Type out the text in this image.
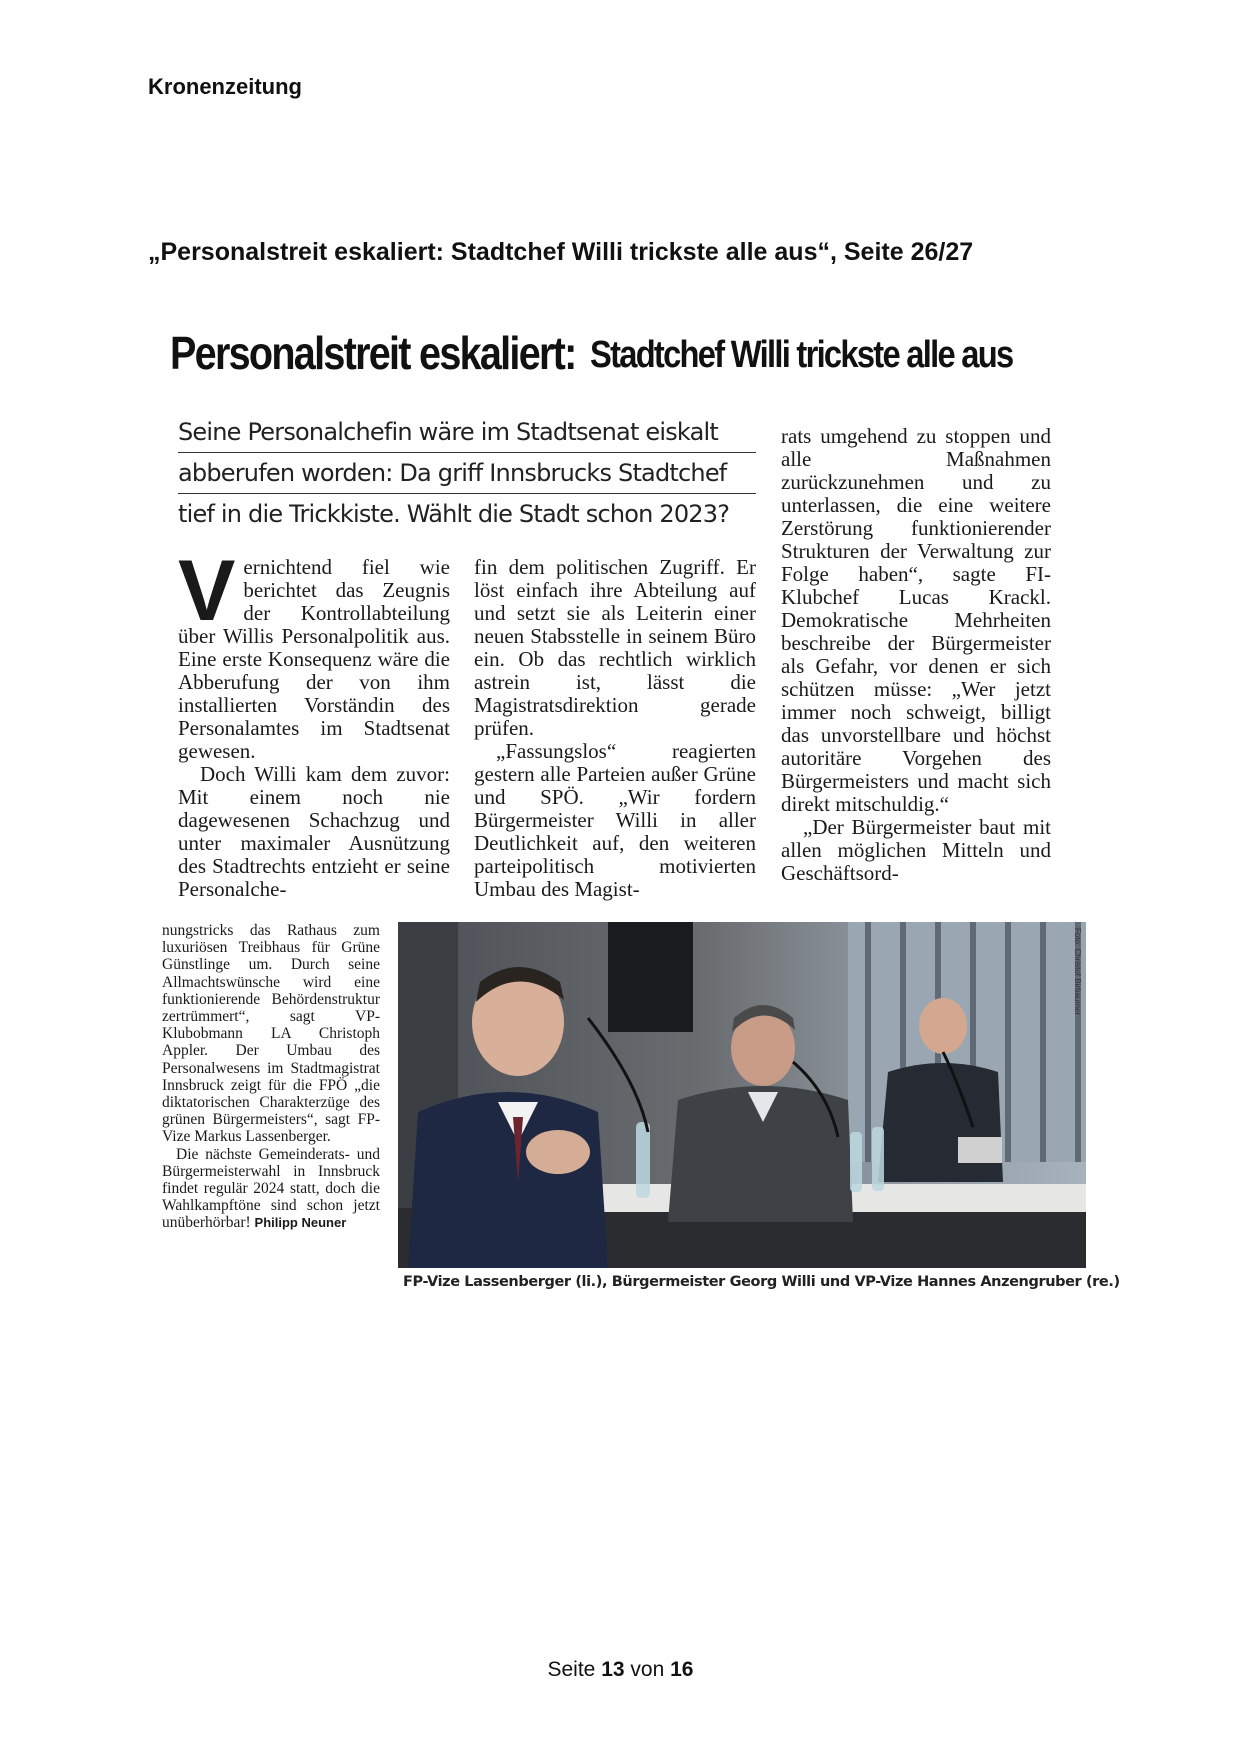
Kronenzeitung
„Personalstreit eskaliert: Stadtchef Willi trickste alle aus“, Seite 26/27
Personalstreit eskaliert: Stadtchef Willi trickste alle aus
Seine Personalchefin wäre im Stadtsenat eiskalt
abberufen worden: Da griff Innsbrucks Stadtchef
tief in die Trickkiste. Wählt die Stadt schon 2023?

Vernichtend fiel wie berichtet das Zeugnis der Kontrollabteilung über Willis Personalpolitik aus. Eine erste Konsequenz wäre die Abberufung der von ihm installierten Vorständin des Personalamtes im Stadtsenat gewesen.

Doch Willi kam dem zuvor: Mit einem noch nie dagewesenen Schachzug und unter maximaler Ausnützung des Stadtrechts entzieht er seine Personalche-

fin dem politischen Zugriff. Er löst einfach ihre Abteilung auf und setzt sie als Leiterin einer neuen Stabsstelle in seinem Büro ein. Ob das rechtlich wirklich astrein ist, lässt die Magistratsdirektion gerade prüfen.

„Fassungslos“ reagierten gestern alle Parteien außer Grüne und SPÖ. „Wir fordern Bürgermeister Willi in aller Deutlichkeit auf, den weiteren parteipolitisch motivierten Umbau des Magist-

rats umgehend zu stoppen und alle Maßnahmen zurückzunehmen und zu unterlassen, die eine weitere Zerstörung funktionierender Strukturen der Verwaltung zur Folge haben“, sagte FI-Klubchef Lucas Krackl. Demokratische Mehrheiten beschreibe der Bürgermeister als Gefahr, vor denen er sich schützen müsse: „Wer jetzt immer noch schweigt, billigt das unvorstellbare und höchst autoritäre Vorgehen des Bürgermeisters und macht sich direkt mitschuldig.“

„Der Bürgermeister baut mit allen möglichen Mitteln und Geschäftsord-

nungstricks das Rathaus zum luxuriösen Treibhaus für Grüne Günstlinge um. Durch seine Allmachtswünsche wird eine funktionierende Behördenstruktur zertrümmert“, sagt VP-Klubobmann LA Christoph Appler. Der Umbau des Personalwesens im Stadtmagistrat Innsbruck zeigt für die FPÖ „die diktatorischen Charakterzüge des grünen Bürgermeisters“, sagt FP-Vize Markus Lassenberger.

Die nächste Gemeinderats- und Bürgermeisterwahl in Innsbruck findet regulär 2024 statt, doch die Wahlkampftöne sind schon jetzt unüberhörbar! Philipp Neuner

Foto: Christof Birbaumer
FP-Vize Lassenberger (li.), Bürgermeister Georg Willi und VP-Vize Hannes Anzengruber (re.)
Seite 13 von 16
